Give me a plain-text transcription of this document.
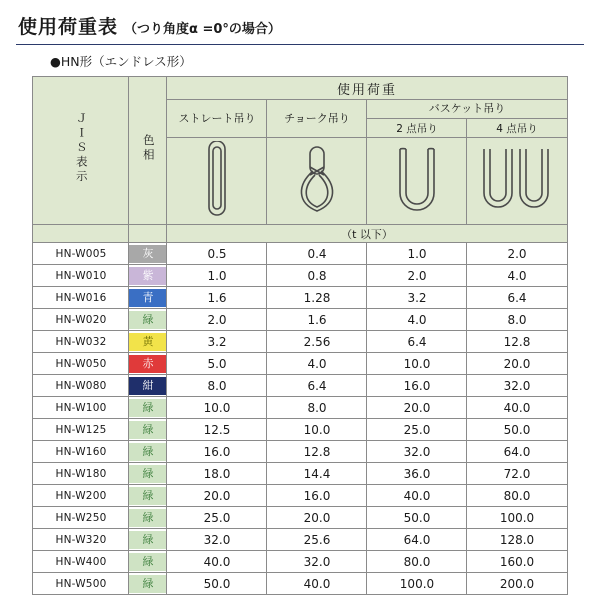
使用荷重表 （つり角度α =0°の場合）
●HN形（エンドレス形）
ＪＩＳ表示	色相	使用荷重			
		ストレート吊り	チョーク吊り	バスケット吊り	
				2 点吊り	4 点吊り

		（t 以下）			
HN-W005	灰	0.5	0.4	1.0	2.0
HN-W010	紫	1.0	0.8	2.0	4.0
HN-W016	青	1.6	1.28	3.2	6.4
HN-W020	緑	2.0	1.6	4.0	8.0
HN-W032	黄	3.2	2.56	6.4	12.8
HN-W050	赤	5.0	4.0	10.0	20.0
HN-W080	紺	8.0	6.4	16.0	32.0
HN-W100	緑	10.0	8.0	20.0	40.0
HN-W125	緑	12.5	10.0	25.0	50.0
HN-W160	緑	16.0	12.8	32.0	64.0
HN-W180	緑	18.0	14.4	36.0	72.0
HN-W200	緑	20.0	16.0	40.0	80.0
HN-W250	緑	25.0	20.0	50.0	100.0
HN-W320	緑	32.0	25.6	64.0	128.0
HN-W400	緑	40.0	32.0	80.0	160.0
HN-W500	緑	50.0	40.0	100.0	200.0
